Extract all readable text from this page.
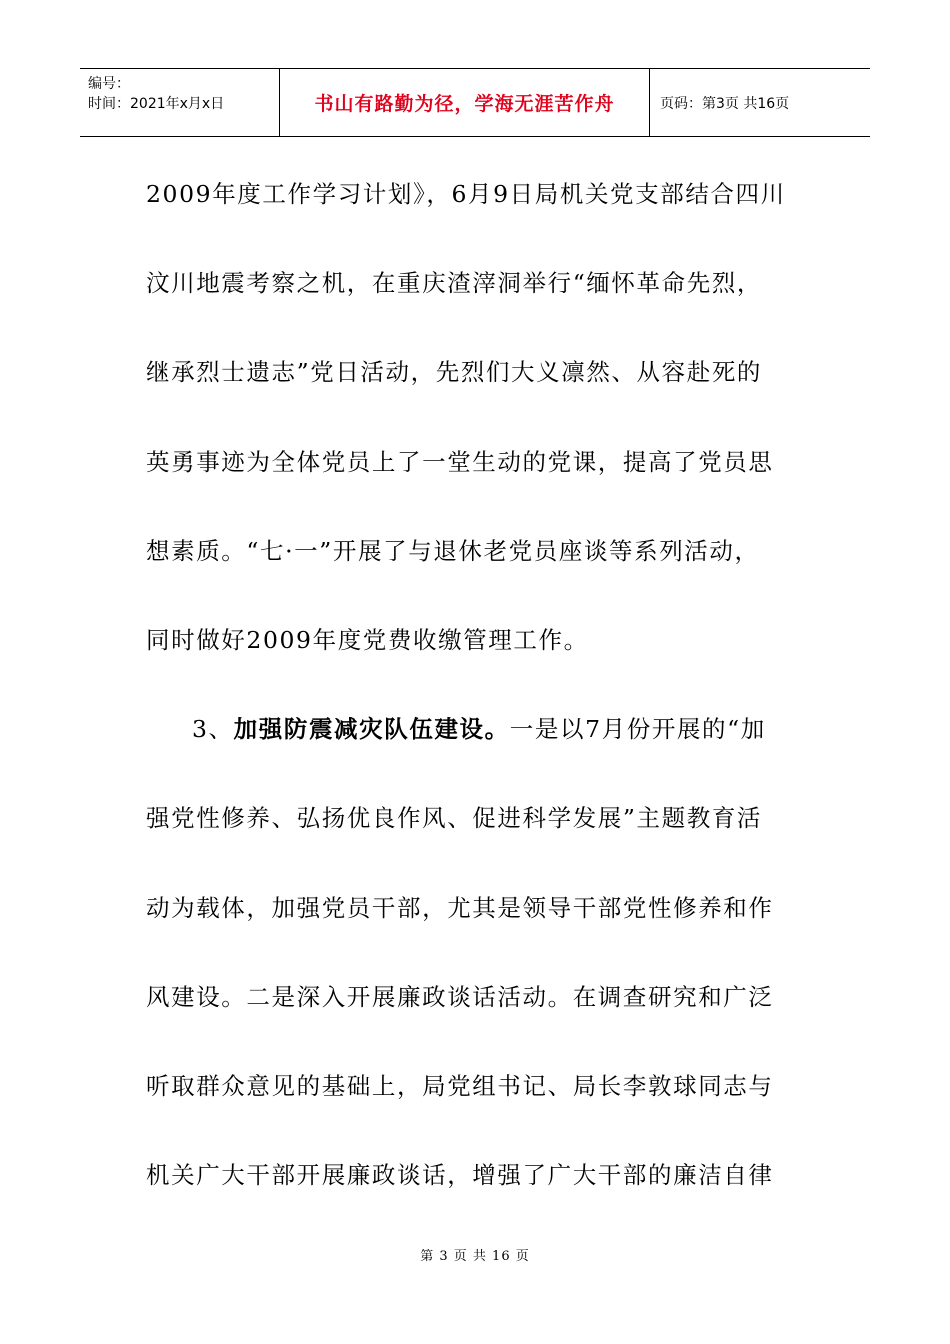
编号：
时间：2021年x月x日	书山有路勤为径，学海无涯苦作舟	页码：第3页 共16页
2009年度工作学习计划》，6月9日局机关党支部结合四川
汶川地震考察之机，在重庆渣滓洞举行“缅怀革命先烈，
继承烈士遗志”党日活动，先烈们大义凛然、从容赴死的
英勇事迹为全体党员上了一堂生动的党课，提高了党员思
想素质。“七·一”开展了与退休老党员座谈等系列活动，
同时做好2009年度党费收缴管理工作。
3、加强防震减灾队伍建设。一是以7月份开展的“加
强党性修养、弘扬优良作风、促进科学发展”主题教育活
动为载体，加强党员干部，尤其是领导干部党性修养和作
风建设。二是深入开展廉政谈话活动。在调查研究和广泛
听取群众意见的基础上，局党组书记、局长李敦球同志与
机关广大干部开展廉政谈话，增强了广大干部的廉洁自律
第 3 页 共 16 页
